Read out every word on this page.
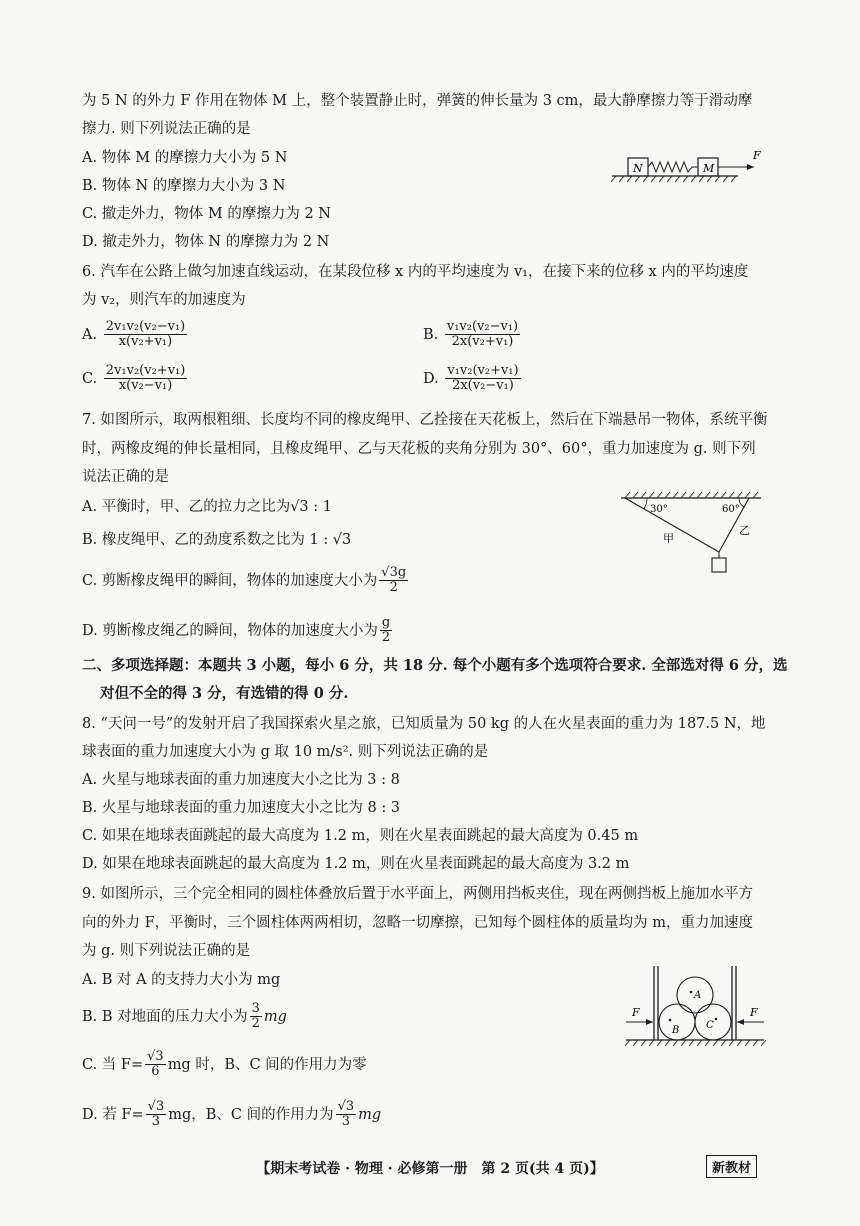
为 5 N 的外力 F 作用在物体 M 上，整个装置静止时，弹簧的伸长量为 3 cm，最大静摩擦力等于滑动摩
擦力. 则下列说法正确的是
A. 物体 M 的摩擦力大小为 5 N
B. 物体 N 的摩擦力大小为 3 N
C. 撤走外力，物体 M 的摩擦力为 2 N
D. 撤走外力，物体 N 的摩擦力为 2 N
N	M
F
6. 汽车在公路上做匀加速直线运动，在某段位移 x 内的平均速度为 v₁，在接下来的位移 x 内的平均速度
为 v₂，则汽车的加速度为
A. $\frac{\text{2v₁v₂(v₂−v₁)}}{\text{x(v₂+v₁)}}$	B. $\frac{\text{v₁v₂(v₂−v₁)}}{\text{2x(v₂+v₁)}}$
C. $\frac{\text{2v₁v₂(v₂+v₁)}}{\text{x(v₂−v₁)}}$	D. $\frac{\text{v₁v₂(v₂+v₁)}}{\text{2x(v₂−v₁)}}$
7. 如图所示，取两根粗细、长度均不同的橡皮绳甲、乙拴接在天花板上，然后在下端悬吊一物体，系统平衡
时，两橡皮绳的伸长量相同，且橡皮绳甲、乙与天花板的夹角分别为 30°、60°，重力加速度为 g. 则下列
说法正确的是
A. 平衡时，甲、乙的拉力之比为√3 : 1
B. 橡皮绳甲、乙的劲度系数之比为 1 : √3
C. 剪断橡皮绳甲的瞬间，物体的加速度大小为 $\frac{√3g}{2}$
D. 剪断橡皮绳乙的瞬间，物体的加速度大小为 $\frac{g}{2}$
30°	60°
甲
乙
二、多项选择题：本题共 3 小题，每小 6 分，共 18 分. 每个小题有多个选项符合要求. 全部选对得 6 分，选
对但不全的得 3 分，有选错的得 0 分.
8. “天问一号”的发射开启了我国探索火星之旅，已知质量为 50 kg 的人在火星表面的重力为 187.5 N，地
球表面的重力加速度大小为 g 取 10 m/s². 则下列说法正确的是
A. 火星与地球表面的重力加速度大小之比为 3 : 8
B. 火星与地球表面的重力加速度大小之比为 8 : 3
C. 如果在地球表面跳起的最大高度为 1.2 m，则在火星表面跳起的最大高度为 0.45 m
D. 如果在地球表面跳起的最大高度为 1.2 m，则在火星表面跳起的最大高度为 3.2 m
9. 如图所示，三个完全相同的圆柱体叠放后置于水平面上，两侧用挡板夹住，现在两侧挡板上施加水平方
向的外力 F，平衡时，三个圆柱体两两相切，忽略一切摩擦，已知每个圆柱体的质量均为 m，重力加速度
为 g. 则下列说法正确的是
A. B 对 A 的支持力大小为 mg
B. B 对地面的压力大小为 $\frac{3}{2}$ mg
C. 当 $F= \frac{√3}{6}$ mg 时，B、C 间的作用力为零
D. 若 $F= \frac{√3}{3}$ mg，B、C 间的作用力为 $\frac{√3}{3}$ mg
A
B	C
F	F
【期末考试卷 · 物理 · 必修第一册　第 2 页(共 4 页)】	新教材
